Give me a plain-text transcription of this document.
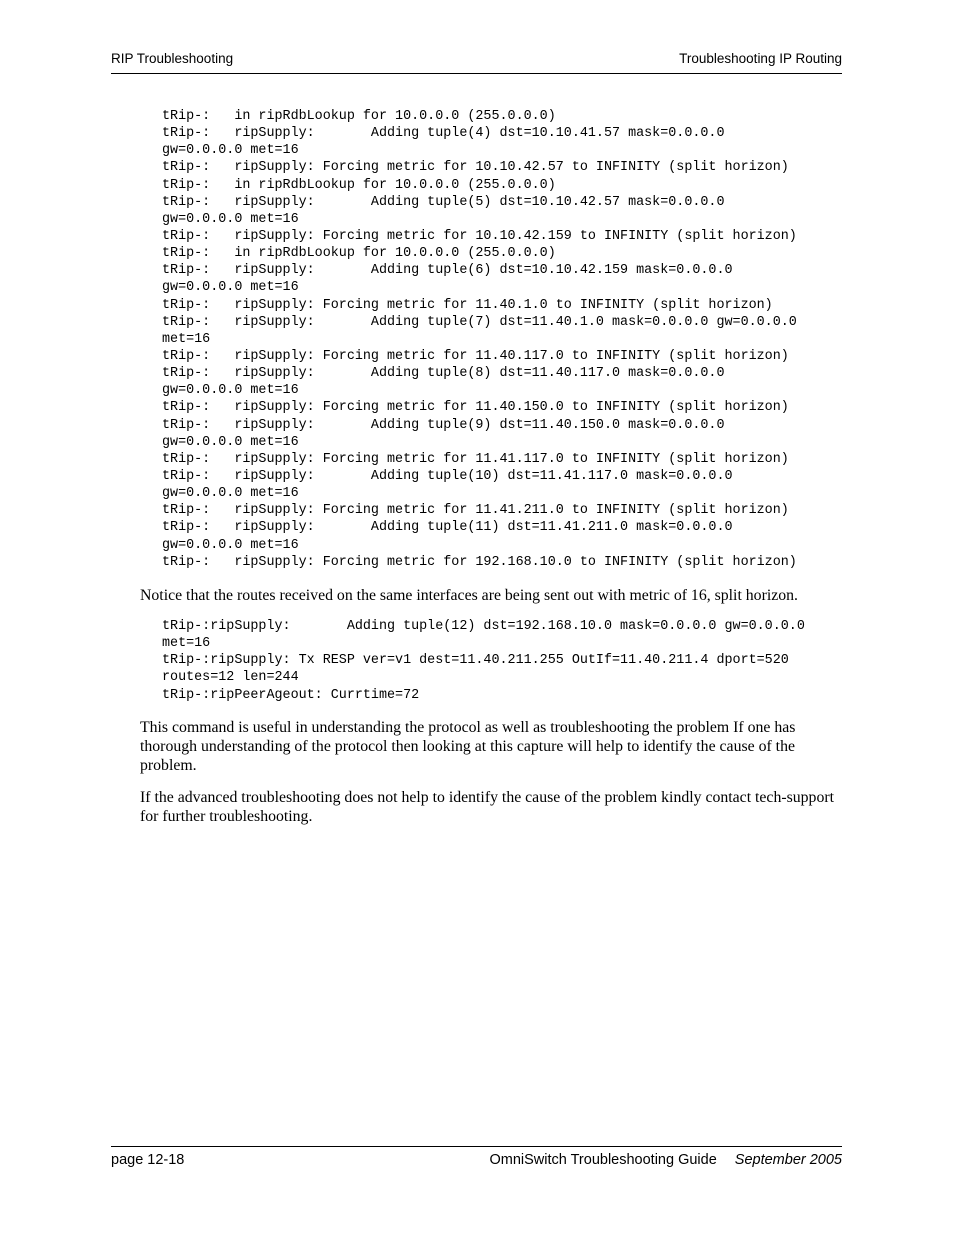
RIP Troubleshooting	Troubleshooting IP Routing
tRip-:   in ripRdbLookup for 10.0.0.0 (255.0.0.0)
tRip-:   ripSupply:       Adding tuple(4) dst=10.10.41.57 mask=0.0.0.0
gw=0.0.0.0 met=16
tRip-:   ripSupply: Forcing metric for 10.10.42.57 to INFINITY (split horizon)
tRip-:   in ripRdbLookup for 10.0.0.0 (255.0.0.0)
tRip-:   ripSupply:       Adding tuple(5) dst=10.10.42.57 mask=0.0.0.0
gw=0.0.0.0 met=16
tRip-:   ripSupply: Forcing metric for 10.10.42.159 to INFINITY (split horizon)
tRip-:   in ripRdbLookup for 10.0.0.0 (255.0.0.0)
tRip-:   ripSupply:       Adding tuple(6) dst=10.10.42.159 mask=0.0.0.0
gw=0.0.0.0 met=16
tRip-:   ripSupply: Forcing metric for 11.40.1.0 to INFINITY (split horizon)
tRip-:   ripSupply:       Adding tuple(7) dst=11.40.1.0 mask=0.0.0.0 gw=0.0.0.0
met=16
tRip-:   ripSupply: Forcing metric for 11.40.117.0 to INFINITY (split horizon)
tRip-:   ripSupply:       Adding tuple(8) dst=11.40.117.0 mask=0.0.0.0
gw=0.0.0.0 met=16
tRip-:   ripSupply: Forcing metric for 11.40.150.0 to INFINITY (split horizon)
tRip-:   ripSupply:       Adding tuple(9) dst=11.40.150.0 mask=0.0.0.0
gw=0.0.0.0 met=16
tRip-:   ripSupply: Forcing metric for 11.41.117.0 to INFINITY (split horizon)
tRip-:   ripSupply:       Adding tuple(10) dst=11.41.117.0 mask=0.0.0.0
gw=0.0.0.0 met=16
tRip-:   ripSupply: Forcing metric for 11.41.211.0 to INFINITY (split horizon)
tRip-:   ripSupply:       Adding tuple(11) dst=11.41.211.0 mask=0.0.0.0
gw=0.0.0.0 met=16
tRip-:   ripSupply: Forcing metric for 192.168.10.0 to INFINITY (split horizon)

Notice that the routes received on the same interfaces are being sent out with metric of 16, split horizon.

tRip-:ripSupply:       Adding tuple(12) dst=192.168.10.0 mask=0.0.0.0 gw=0.0.0.0
met=16
tRip-:ripSupply: Tx RESP ver=v1 dest=11.40.211.255 OutIf=11.40.211.4 dport=520
routes=12 len=244
tRip-:ripPeerAgeout: Currtime=72

This command is useful in understanding the protocol as well as troubleshooting the problem If one has thorough understanding of the protocol then looking at this capture will help to identify the cause of the problem.

If the advanced troubleshooting does not help to identify the cause of the problem kindly contact tech-support for further troubleshooting.

page 12-18	OmniSwitch Troubleshooting Guide September 2005
